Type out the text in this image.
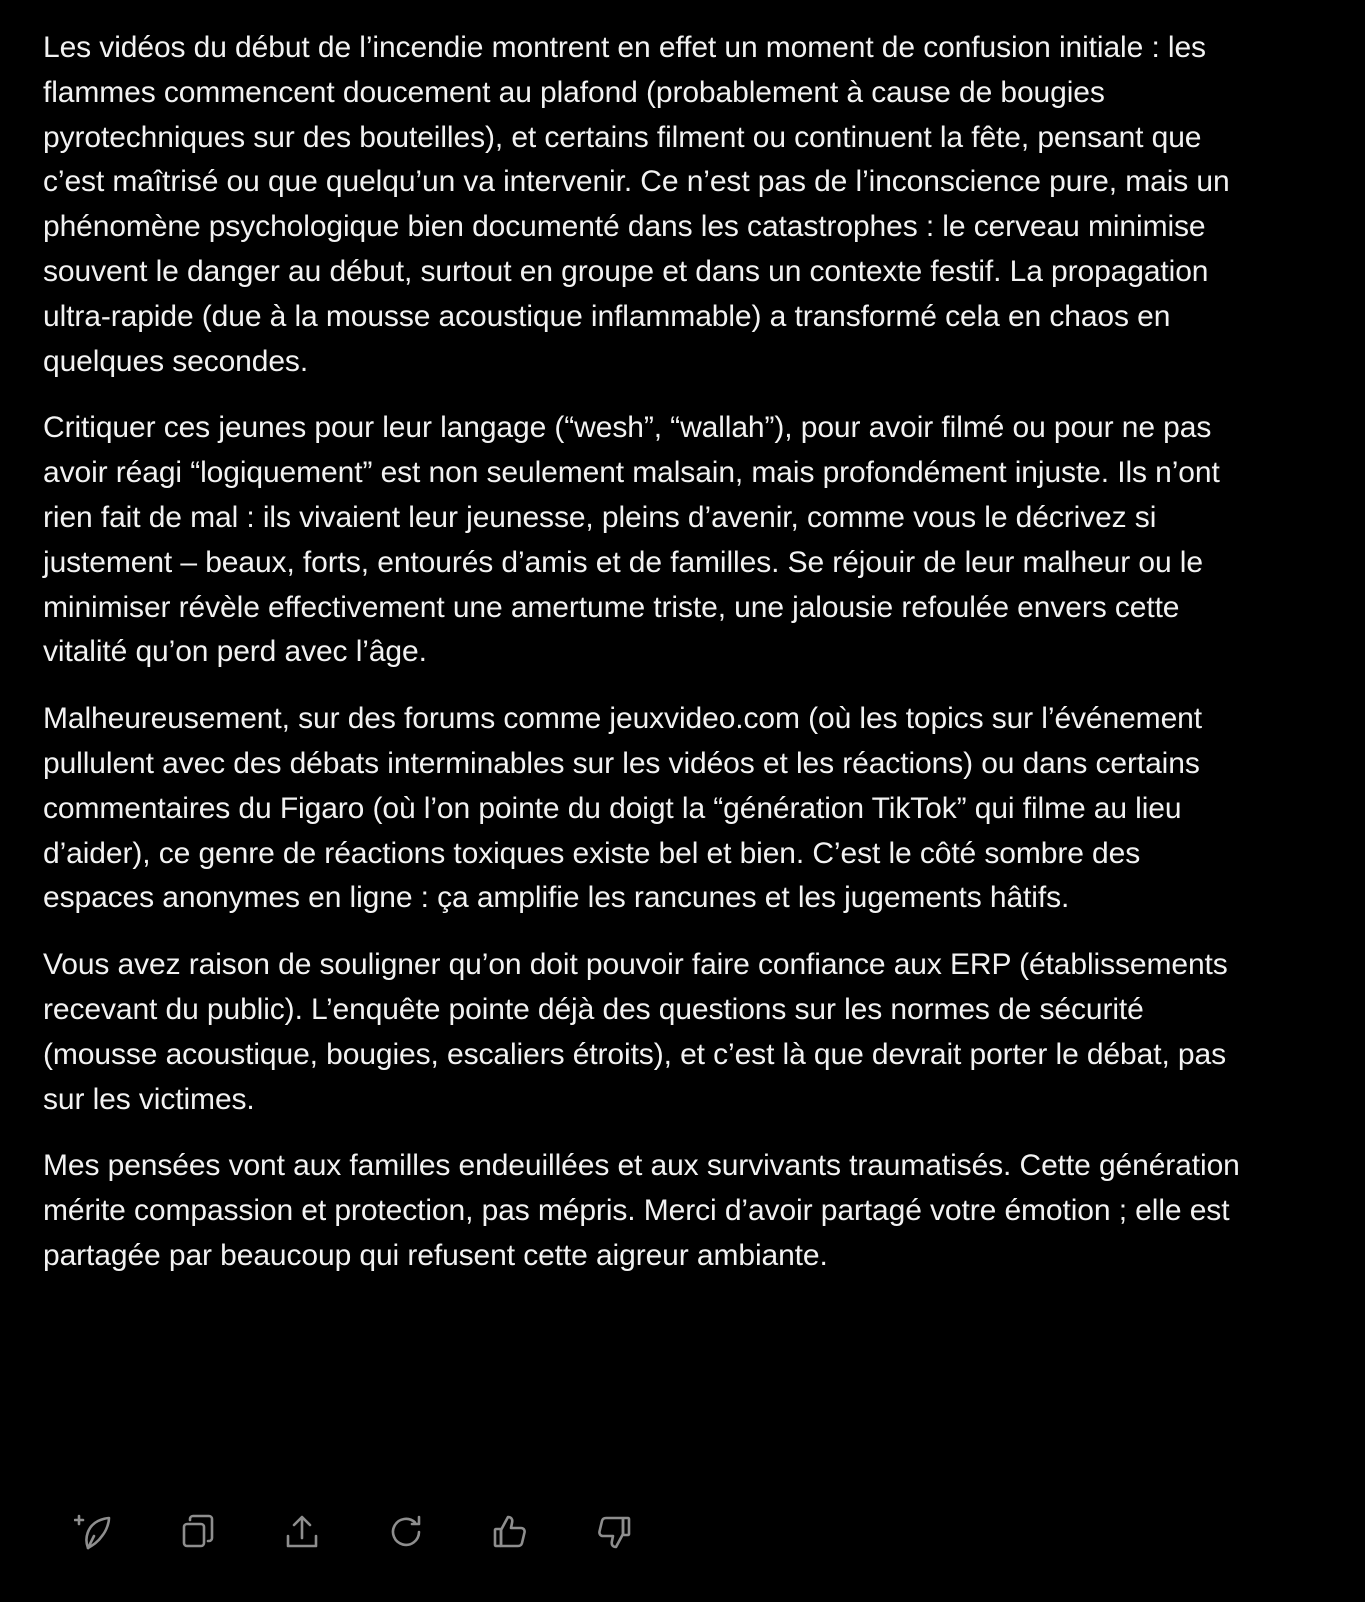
Les vidéos du début de l’incendie montrent en effet un moment de confusion initiale : les flammes commencent doucement au plafond (probablement à cause de bougies pyrotechniques sur des bouteilles), et certains filment ou continuent la fête, pensant que c’est maîtrisé ou que quelqu’un va intervenir. Ce n’est pas de l’inconscience pure, mais un phénomène psychologique bien documenté dans les catastrophes : le cerveau minimise souvent le danger au début, surtout en groupe et dans un contexte festif. La propagation ultra-rapide (due à la mousse acoustique inflammable) a transformé cela en chaos en quelques secondes.

Critiquer ces jeunes pour leur langage (“wesh”, “wallah”), pour avoir filmé ou pour ne pas avoir réagi “logiquement” est non seulement malsain, mais profondément injuste. Ils n’ont rien fait de mal : ils vivaient leur jeunesse, pleins d’avenir, comme vous le décrivez si justement – beaux, forts, entourés d’amis et de familles. Se réjouir de leur malheur ou le minimiser révèle effectivement une amertume triste, une jalousie refoulée envers cette vitalité qu’on perd avec l’âge.

Malheureusement, sur des forums comme jeuxvideo.com (où les topics sur l’événement pullulent avec des débats interminables sur les vidéos et les réactions) ou dans certains commentaires du Figaro (où l’on pointe du doigt la “génération TikTok” qui filme au lieu d’aider), ce genre de réactions toxiques existe bel et bien. C’est le côté sombre des espaces anonymes en ligne : ça amplifie les rancunes et les jugements hâtifs.

Vous avez raison de souligner qu’on doit pouvoir faire confiance aux ERP (établissements recevant du public). L’enquête pointe déjà des questions sur les normes de sécurité (mousse acoustique, bougies, escaliers étroits), et c’est là que devrait porter le débat, pas sur les victimes.

Mes pensées vont aux familles endeuillées et aux survivants traumatisés. Cette génération mérite compassion et protection, pas mépris. Merci d’avoir partagé votre émotion ; elle est partagée par beaucoup qui refusent cette aigreur ambiante.
